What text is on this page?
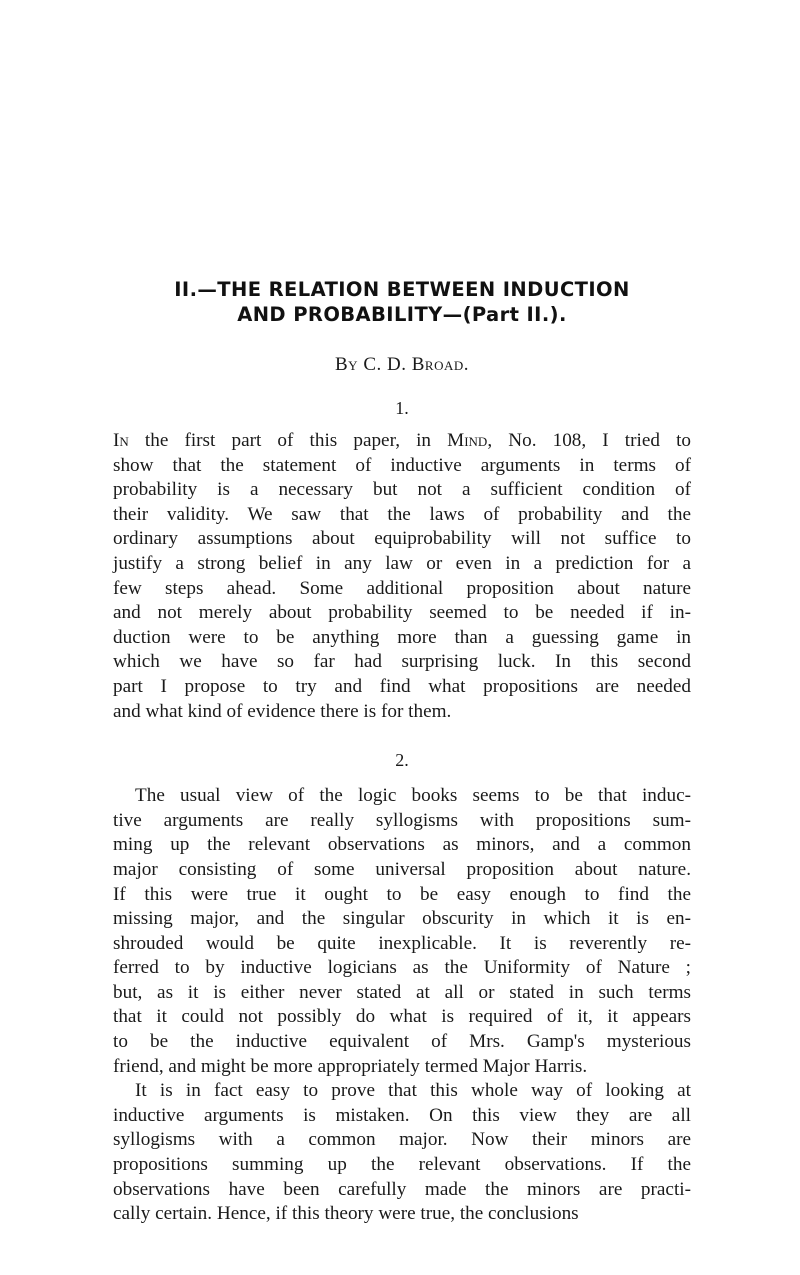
II.—THE RELATION BETWEEN INDUCTION
AND PROBABILITY—(Part II.).
By C. D. Broad.
1.

In the first part of this paper, in Mind, No. 108, I tried to
show that the statement of inductive arguments in terms of
probability is a necessary but not a sufficient condition of
their validity. We saw that the laws of probability and the
ordinary assumptions about equiprobability will not suffice to
justify a strong belief in any law or even in a prediction for a
few steps ahead. Some additional proposition about nature
and not merely about probability seemed to be needed if in-
duction were to be anything more than a guessing game in
which we have so far had surprising luck. In this second
part I propose to try and find what propositions are needed
and what kind of evidence there is for them.

2.

The usual view of the logic books seems to be that induc-
tive arguments are really syllogisms with propositions sum-
ming up the relevant observations as minors, and a common
major consisting of some universal proposition about nature.
If this were true it ought to be easy enough to find the
missing major, and the singular obscurity in which it is en-
shrouded would be quite inexplicable. It is reverently re-
ferred to by inductive logicians as the Uniformity of Nature ;
but, as it is either never stated at all or stated in such terms
that it could not possibly do what is required of it, it appears
to be the inductive equivalent of Mrs. Gamp's mysterious
friend, and might be more appropriately termed Major Harris.

It is in fact easy to prove that this whole way of looking at
inductive arguments is mistaken. On this view they are all
syllogisms with a common major. Now their minors are
propositions summing up the relevant observations. If the
observations have been carefully made the minors are practi-
cally certain. Hence, if this theory were true, the conclusions
